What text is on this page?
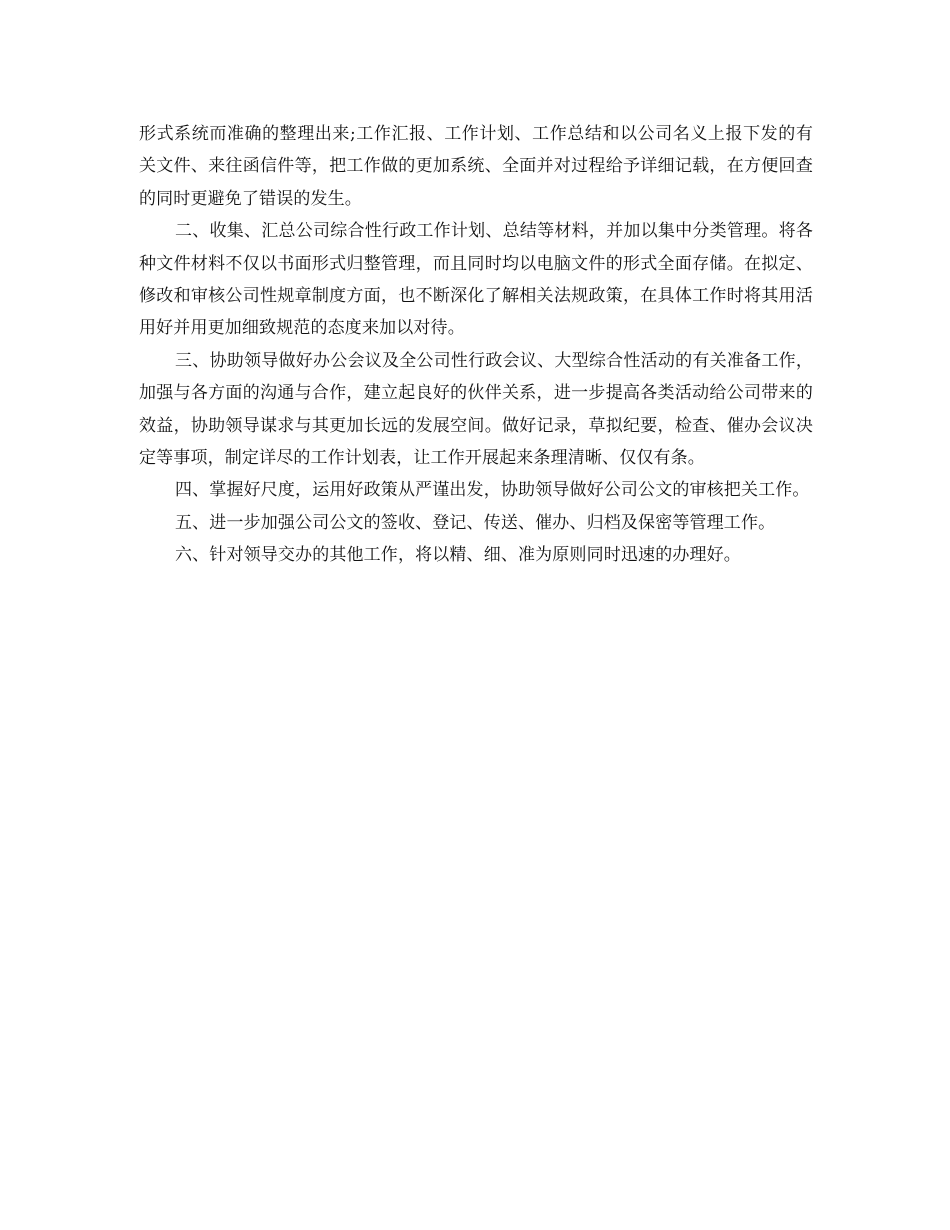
形式系统而准确的整理出来;工作汇报、工作计划、工作总结和以公司名义上报下发的有关文件、来往函信件等，把工作做的更加系统、全面并对过程给予详细记载，在方便回查的同时更避免了错误的发生。

二、收集、汇总公司综合性行政工作计划、总结等材料，并加以集中分类管理。将各种文件材料不仅以书面形式归整管理，而且同时均以电脑文件的形式全面存储。在拟定、修改和审核公司性规章制度方面，也不断深化了解相关法规政策，在具体工作时将其用活用好并用更加细致规范的态度来加以对待。

三、协助领导做好办公会议及全公司性行政会议、大型综合性活动的有关准备工作，加强与各方面的沟通与合作，建立起良好的伙伴关系，进一步提高各类活动给公司带来的效益，协助领导谋求与其更加长远的发展空间。做好记录，草拟纪要，检查、催办会议决定等事项，制定详尽的工作计划表，让工作开展起来条理清晰、仅仅有条。

四、掌握好尺度，运用好政策从严谨出发，协助领导做好公司公文的审核把关工作。

五、进一步加强公司公文的签收、登记、传送、催办、归档及保密等管理工作。

六、针对领导交办的其他工作，将以精、细、准为原则同时迅速的办理好。
